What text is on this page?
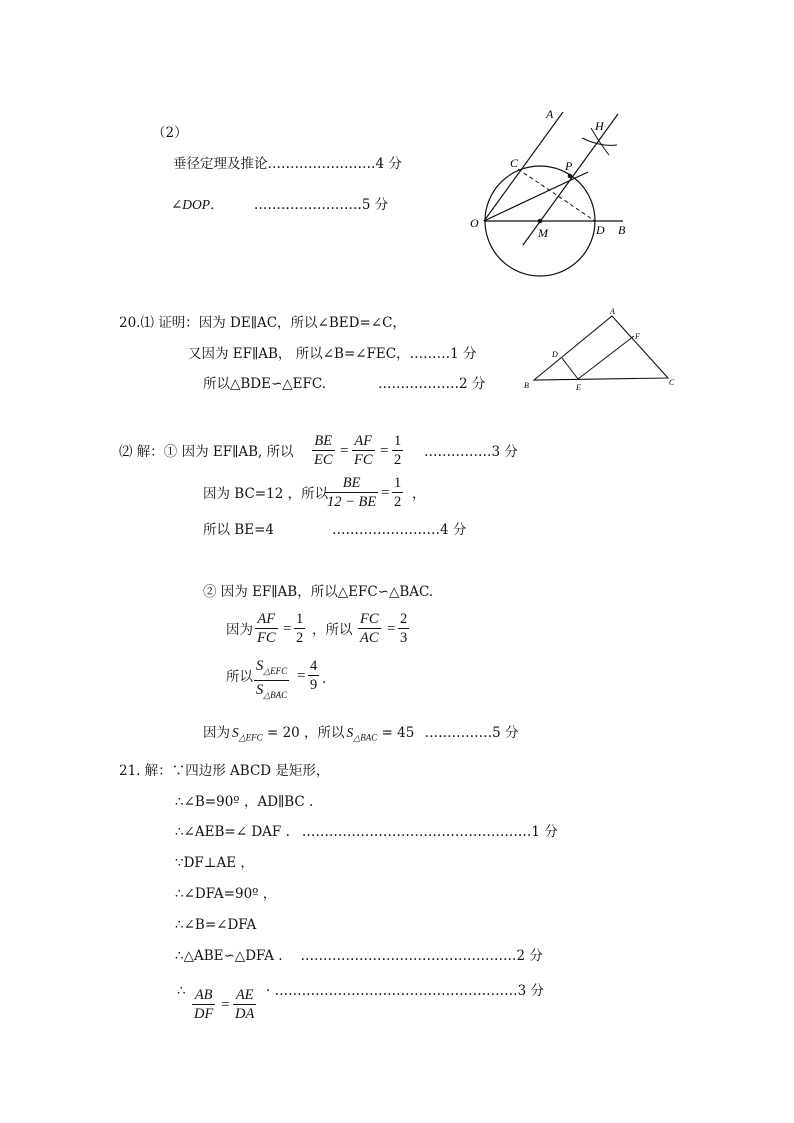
（2）
垂径定理及推论……………………4 分
∠DOP． ……………………5 分
A
H
C	P
O
M	D B
20.⑴ 证明：因为 DE∥AC，所以∠BED=∠C，
又因为 EF∥AB， 所以∠B=∠FEC，………1 分
所以△BDE∽△EFC.	………………2 分
A
F
D
B	E
C
⑵ 解：① 因为 EF∥AB, 所以 $\frac{BE}{EC} = \frac{AF}{FC} = \frac{1}{2}$ ……………3 分
因为 BC=12 ，所以
$\frac{BE}{12 - BE} = \frac{1}{2}$ ，
所以 BE=4	……………………4 分
② 因为 EF∥AB，所以△EFC∽△BAC.
因为 $\frac{AF}{FC} = \frac{1}{2}$ ，所以 $\frac{FC}{AC} = \frac{2}{3}$
所以
$S_{\triangle EFC}$
$S_{\triangle BAC}$
= $\frac{4}{9}$ .
因为 $S_{\triangle EFC} = 20$ ，所以 $S_{\triangle BAC} = 45$ ……………5 分
21. 解：∵四边形 ABCD 是矩形，
∴∠B=90º ，AD∥BC .
∴∠AEB=∠ DAF . ……………………………………………1 分
∵DF⊥AE ，
∴∠DFA=90º ，
∴∠B=∠DFA
∴△ABE∽△DFA . …………………………………………2 分
∴ $\frac{AB}{DF} = \frac{AE}{DA}$ · ………………………………………………3 分
